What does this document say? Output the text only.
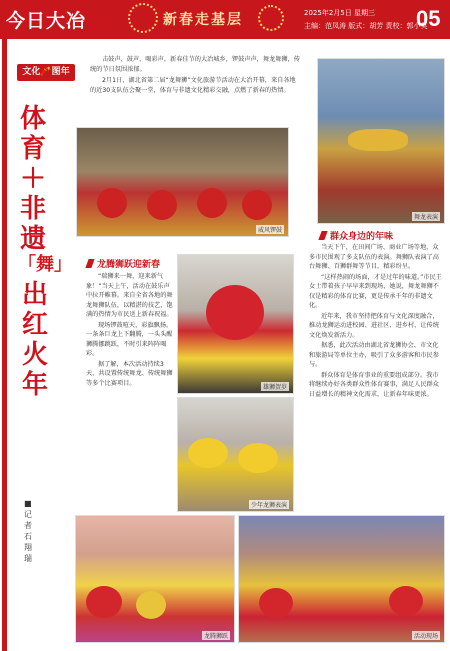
今日大冶	新春走基层	2025年2月5日 星期三
主编：范凤涛 版式：胡芳 责校：郭小英
05
文化🧨图年
体
育
＋
非
遗
「舞」
出
红
火
年
■记者 石翔瑞

击鼓声、鼓声、喝彩声，新春佳节的大冶城乡，锣鼓声声，舞龙舞狮，传统的节日氛围浓郁。

2月1日，湖北省第二届“龙舞狮”文化旅游节活动在大冶开幕，来自各地的近30支队伍会聚一堂，体育与非遗文化精彩交融，点燃了新春的热情。

威风锣鼓
舞龙表演
雄狮贺岁
少年龙狮表演
龙腾狮跃	活动现场
龙腾狮跃迎新春
群众身边的年味

“瑞狮来一舞，迎来新气象！”当天上午，活动在鼓乐声中拉开帷幕。来自全省各地的舞龙舞狮队伍，以精湛的技艺、饱满的热情为市民送上新春祝福。

现场锣鼓喧天，彩旗飘扬。一条条巨龙上下翻腾，一头头醒狮腾挪跳跃，不时引来阵阵喝彩。

据了解，本次活动持续3天，共设置传统舞龙、传统舞狮等多个比赛项目。

当天下午，在田间广场、商业广场等地，众多市民围观了多支队伍的表演。舞狮队表演了高台舞狮、百狮群舞等节目，精彩纷呈。

“这样热闹的场面，才是过年的味道。”市民王女士带着孩子早早来到现场，她说，舞龙舞狮不仅是精彩的体育比赛，更是传承千年的非遗文化。

近年来，我市坚持把体育与文化深度融合，推动龙狮运动进校园、进社区、进乡村，让传统文化焕发新活力。

据悉，此次活动由湖北省龙狮协会、市文化和旅游局等单位主办，吸引了众多游客和市民参与。

群众体育是体育事业的重要组成部分。我市将继续办好各类群众性体育赛事，满足人民群众日益增长的精神文化需求，让新春年味更浓。
